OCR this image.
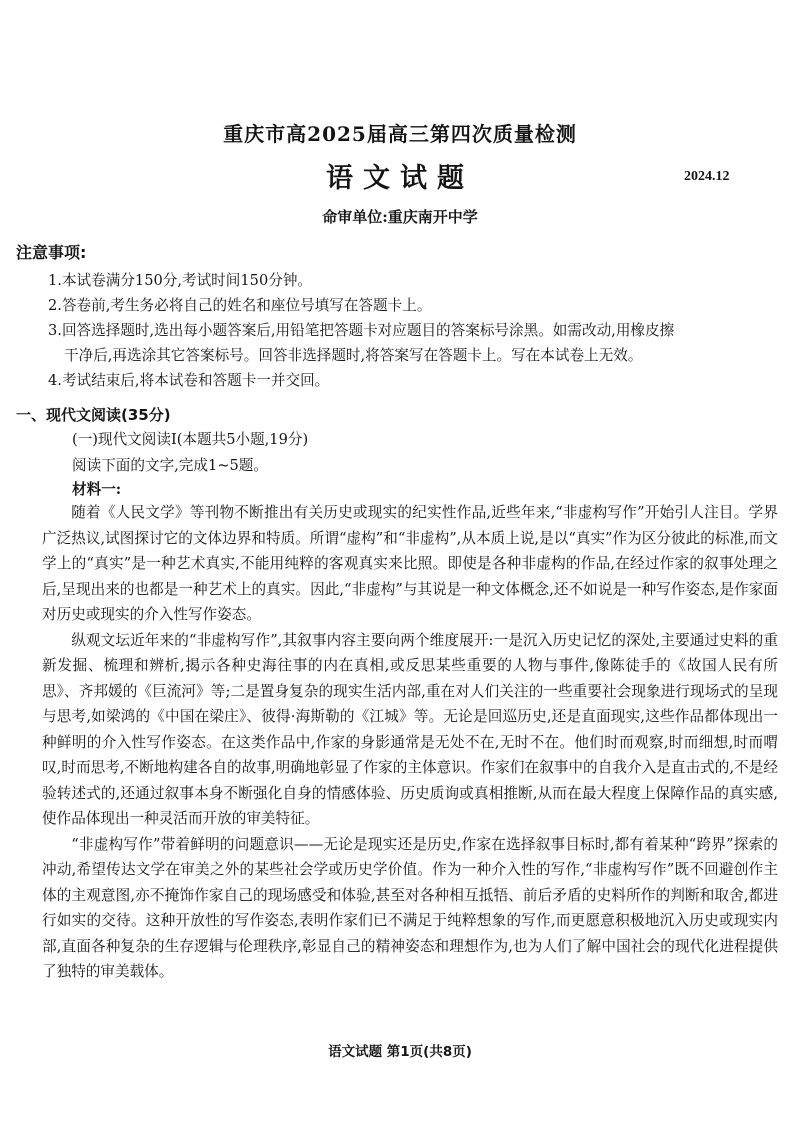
重庆市高2025届高三第四次质量检测
语文试题	2024.12
命审单位:重庆南开中学
注意事项:
1.本试卷满分150分,考试时间150分钟。
2.答卷前,考生务必将自己的姓名和座位号填写在答题卡上。
3.回答选择题时,选出每小题答案后,用铅笔把答题卡对应题目的答案标号涂黑。如需改动,用橡皮擦
干净后,再选涂其它答案标号。回答非选择题时,将答案写在答题卡上。写在本试卷上无效。
4.考试结束后,将本试卷和答题卡一并交回。
一、现代文阅读(35分)
(一)现代文阅读Ⅰ(本题共5小题,19分)
阅读下面的文字,完成1~5题。
材料一:

随着《人民文学》等刊物不断推出有关历史或现实的纪实性作品,近些年来,“非虚构写作”开始引人注目。学界广泛热议,试图探讨它的文体边界和特质。所谓“虚构”和“非虚构”,从本质上说,是以“真实”作为区分彼此的标准,而文学上的“真实”是一种艺术真实,不能用纯粹的客观真实来比照。即使是各种非虚构的作品,在经过作家的叙事处理之后,呈现出来的也都是一种艺术上的真实。因此,“非虚构”与其说是一种文体概念,还不如说是一种写作姿态,是作家面对历史或现实的介入性写作姿态。

纵观文坛近年来的“非虚构写作”,其叙事内容主要向两个维度展开:一是沉入历史记忆的深处,主要通过史料的重新发掘、梳理和辨析,揭示各种史海往事的内在真相,或反思某些重要的人物与事件,像陈徒手的《故国人民有所思》、齐邦媛的《巨流河》等;二是置身复杂的现实生活内部,重在对人们关注的一些重要社会现象进行现场式的呈现与思考,如梁鸿的《中国在梁庄》、彼得·海斯勒的《江城》等。无论是回巡历史,还是直面现实,这些作品都体现出一种鲜明的介入性写作姿态。在这类作品中,作家的身影通常是无处不在,无时不在。他们时而观察,时而细想,时而喟叹,时而思考,不断地构建各自的故事,明确地彰显了作家的主体意识。作家们在叙事中的自我介入是直击式的,不是经验转述式的,还通过叙事本身不断强化自身的情感体验、历史质询或真相推断,从而在最大程度上保障作品的真实感,使作品体现出一种灵活而开放的审美特征。

“非虚构写作”带着鲜明的问题意识——无论是现实还是历史,作家在选择叙事目标时,都有着某种“跨界”探索的冲动,希望传达文学在审美之外的某些社会学或历史学价值。作为一种介入性的写作,“非虚构写作”既不回避创作主体的主观意图,亦不掩饰作家自己的现场感受和体验,甚至对各种相互抵牾、前后矛盾的史料所作的判断和取舍,都进行如实的交待。这种开放性的写作姿态,表明作家们已不满足于纯粹想象的写作,而更愿意积极地沉入历史或现实内部,直面各种复杂的生存逻辑与伦理秩序,彰显自己的精神姿态和理想作为,也为人们了解中国社会的现代化进程提供了独特的审美载体。

语文试题 第1页(共8页)
